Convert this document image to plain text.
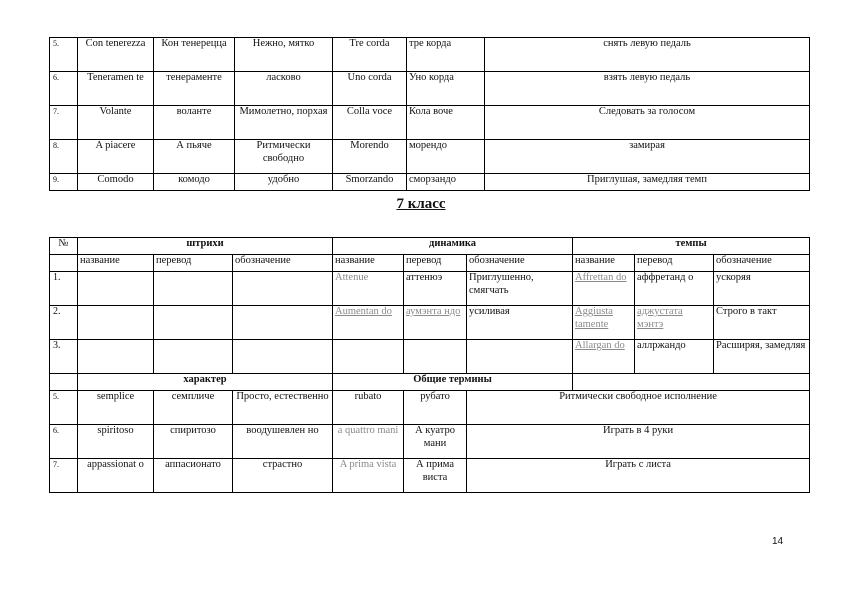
5.	Con tenerezza	Кон тенерецца	Нежно, мятко	Tre corda	тре корда	снять левую педаль
6.	Teneramen te	тенераменте	ласково	Uno corda	Уно корда	взять левую педаль
7.	Volante	воланте	Мимолетно, порхая	Colla voce	Кола воче	Следовать за голосом
8.	A piacere	А пьяче	Ритмически свободно	Morendo	морендо	замирая
9.	Comodo	комодо	удобно	Smorzando	сморзандо	Приглушая, замедляя темп
7 класс
№	штрихи			динамика			темпы		
	название	перевод	обозначение	название	перевод	обозначение	название	перевод	обозначение
1.				Attenue	аттенюэ	Приглушенно, смягчать	Affrettan do	аффретанд о	ускоряя
2.				Aumentan do	аумэнта ндо	усиливая	Aggiusta tamente	аджустата мэнтэ	Строго в такт
3.							Allargan do	аллржандо	Расширяя, замедляя
	характер			Общие термины					
5.	semplice	семпличе	Просто, естественно	rubato	рубато	Ритмически свободное исполнение			
6.	spiritoso	спиритозо	воодушевлен но	a quattro mani	А куатро мани	Играть в 4 руки			
7.	appassionat o	аппасионато	страстно	A prima vista	А прима виста	Играть с листа			
14
